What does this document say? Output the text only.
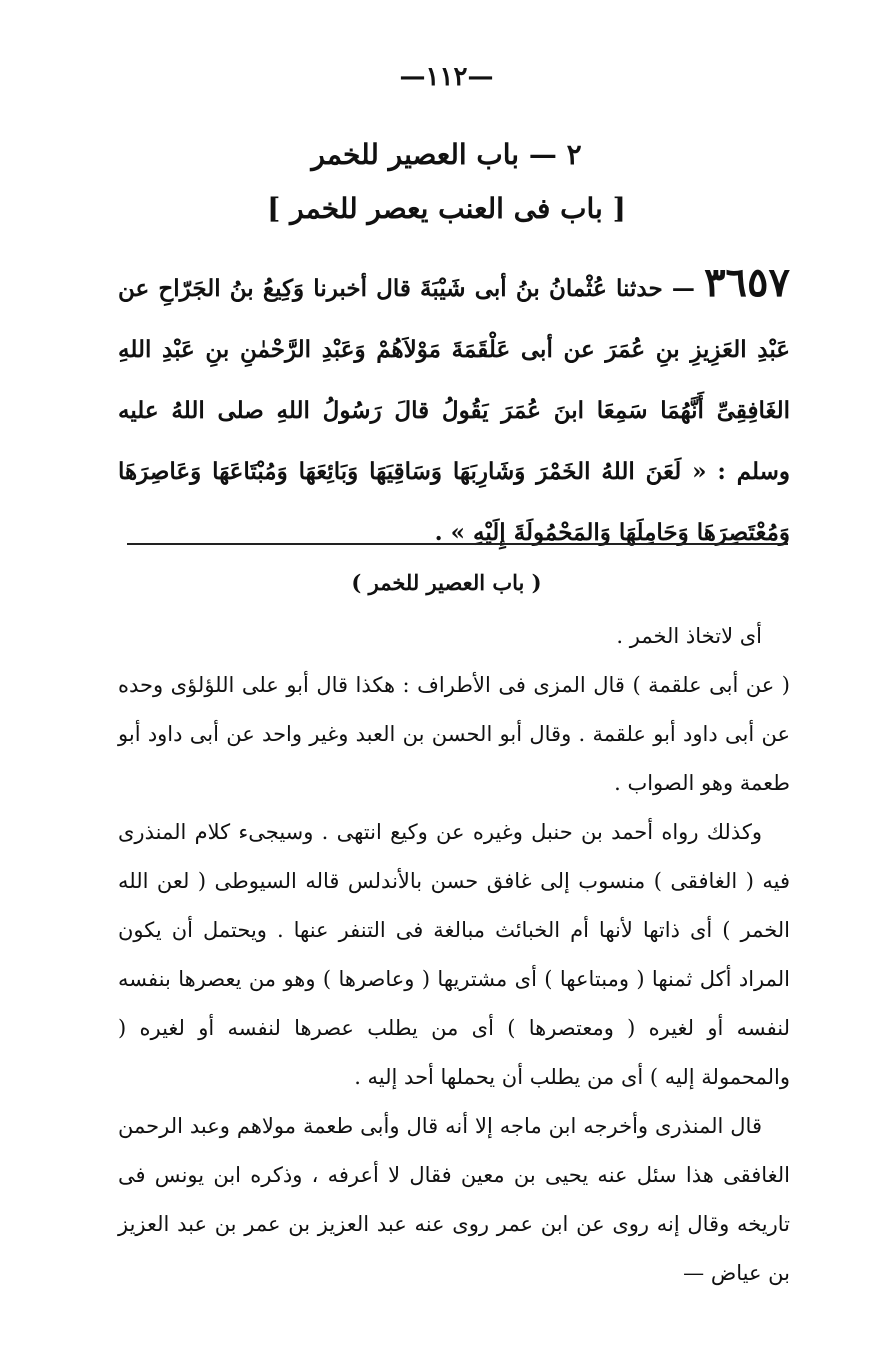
—١١٢—
٢ — باب العصير للخمر
[ باب فى العنب يعصر للخمر ]
٣٦٥٧ — حدثنا عُثْمانُ بنُ أبى شَيْبَةَ قال أخبرنا وَكِيعُ بنُ الجَرّاحِ عن عَبْدِ العَزِيزِ بنِ عُمَرَ عن أبى عَلْقَمَةَ مَوْلاَهُمْ وَعَبْدِ الرَّحْمٰنِ بنِ عَبْدِ اللهِ الغَافِقِىِّ أَنَّهُمَا سَمِعَا ابنَ عُمَرَ يَقُولُ قالَ رَسُولُ اللهِ صلى اللهُ عليه وسلم : « لَعَنَ اللهُ الخَمْرَ وَشَارِبَهَا وَسَاقِيَهَا وَبَائِعَهَا وَمُبْتَاعَهَا وَعَاصِرَهَا وَمُعْتَصِرَهَا وَحَامِلَهَا وَالمَحْمُولَةَ إِلَيْهِ » .
( باب العصير للخمر )

أى لاتخاذ الخمر .

( عن أبى علقمة ) قال المزى فى الأطراف : هكذا قال أبو على اللؤلؤى وحده عن أبى داود أبو علقمة . وقال أبو الحسن بن العبد وغير واحد عن أبى داود أبو طعمة وهو الصواب .

وكذلك رواه أحمد بن حنبل وغيره عن وكيع انتهى . وسيجىء كلام المنذرى فيه ( الغافقى ) منسوب إلى غافق حسن بالأندلس قاله السيوطى ( لعن الله الخمر ) أى ذاتها لأنها أم الخبائث مبالغة فى التنفر عنها . ويحتمل أن يكون المراد أكل ثمنها ( ومبتاعها ) أى مشتريها ( وعاصرها ) وهو من يعصرها بنفسه لنفسه أو لغيره ( ومعتصرها ) أى من يطلب عصرها لنفسه أو لغيره ( والمحمولة إليه ) أى من يطلب أن يحملها أحد إليه .

قال المنذرى وأخرجه ابن ماجه إلا أنه قال وأبى طعمة مولاهم وعبد الرحمن الغافقى هذا سئل عنه يحيى بن معين فقال لا أعرفه ، وذكره ابن يونس فى تاريخه وقال إنه روى عن ابن عمر روى عنه عبد العزيز بن عمر بن عبد العزيز بن عياض —
